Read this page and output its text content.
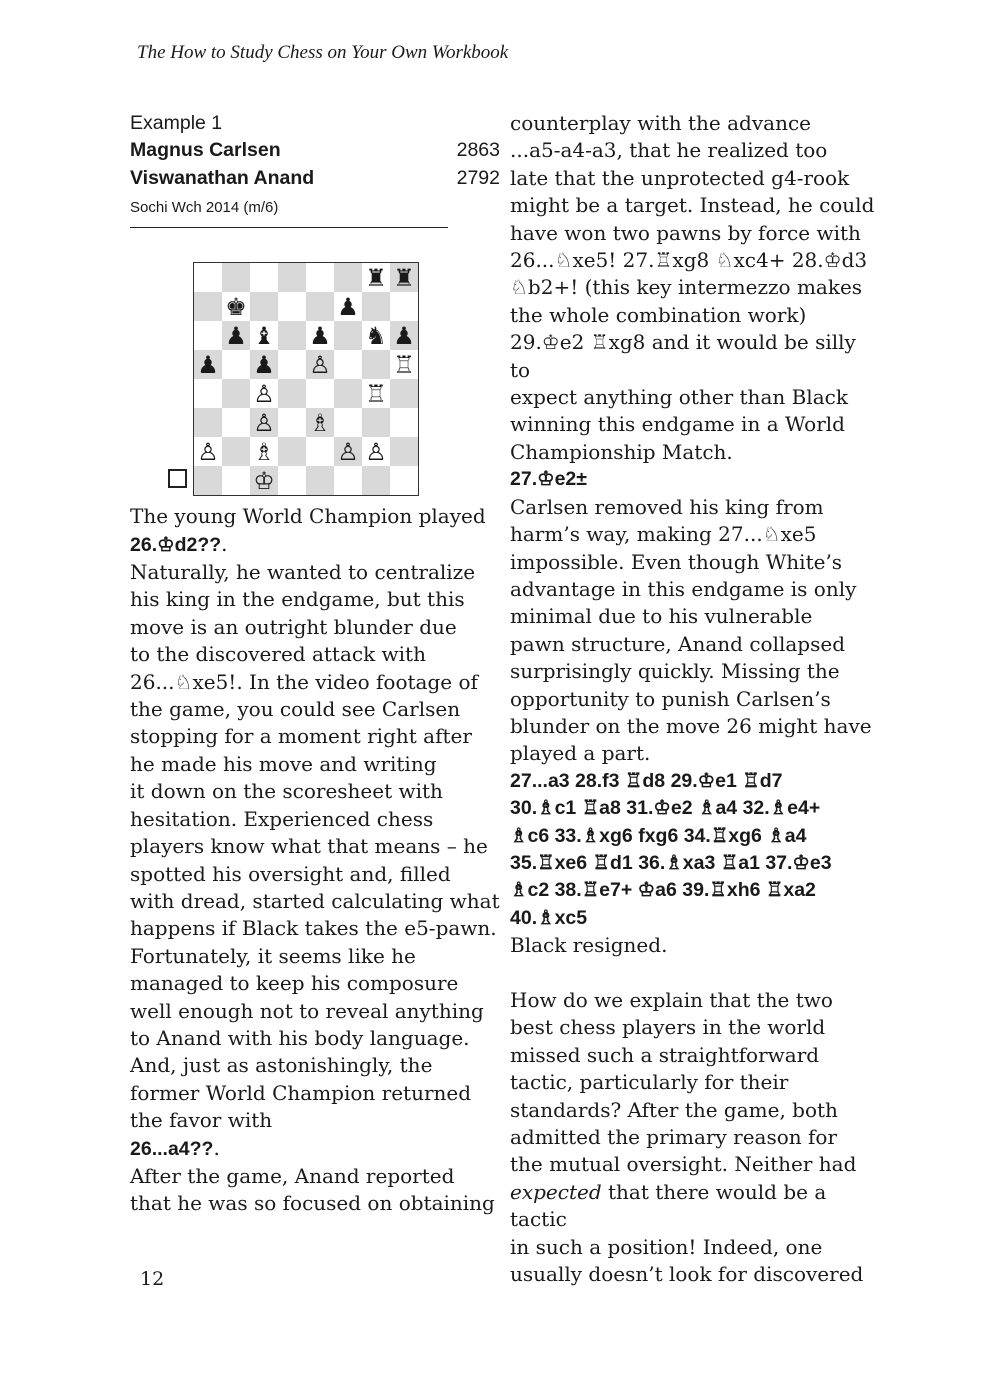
The How to Study Chess on Your Own Workbook
Example 1
Magnus Carlsen	2863
Viswanathan Anand	2792
Sochi Wch 2014 (m/6)
♜ ♜
♚	♟
♟ ♝ ♟ ♞ ♟
♟ ♟ ♙	♖
♙	♖
♙ ♗
♙ ♗	♙ ♙
♔
The young World Champion played
26.♔d2??.
Naturally, he wanted to centralize
his king in the endgame, but this
move is an outright blunder due
to the discovered attack with
26...♘xe5!. In the video footage of
the game, you could see Carlsen
stopping for a moment right after
he made his move and writing
it down on the scoresheet with
hesitation. Experienced chess
players know what that means – he
spotted his oversight and, filled
with dread, started calculating what
happens if Black takes the e5-pawn.
Fortunately, it seems like he
managed to keep his composure
well enough not to reveal anything
to Anand with his body language.
And, just as astonishingly, the
former World Champion returned
the favor with
26...a4??.
After the game, Anand reported
that he was so focused on obtaining
counterplay with the advance
...a5-a4-a3, that he realized too
late that the unprotected g4-rook
might be a target. Instead, he could
have won two pawns by force with
26...♘xe5! 27.♖xg8 ♘xc4+ 28.♔d3
♘b2+! (this key intermezzo makes
the whole combination work)
29.♔e2 ♖xg8 and it would be silly to
expect anything other than Black
winning this endgame in a World
Championship Match.
27.♔e2±
Carlsen removed his king from
harm’s way, making 27...♘xe5
impossible. Even though White’s
advantage in this endgame is only
minimal due to his vulnerable
pawn structure, Anand collapsed
surprisingly quickly. Missing the
opportunity to punish Carlsen’s
blunder on the move 26 might have
played a part.
27...a3 28.f3 ♖d8 29.♔e1 ♖d7
30.♗c1 ♖a8 31.♔e2 ♗a4 32.♗e4+
♗c6 33.♗xg6 fxg6 34.♖xg6 ♗a4
35.♖xe6 ♖d1 36.♗xa3 ♖a1 37.♔e3
♗c2 38.♖e7+ ♔a6 39.♖xh6 ♖xa2
40.♗xc5
Black resigned.
How do we explain that the two
best chess players in the world
missed such a straightforward
tactic, particularly for their
standards? After the game, both
admitted the primary reason for
the mutual oversight. Neither had
expected that there would be a tactic
in such a position! Indeed, one
usually doesn’t look for discovered
12
